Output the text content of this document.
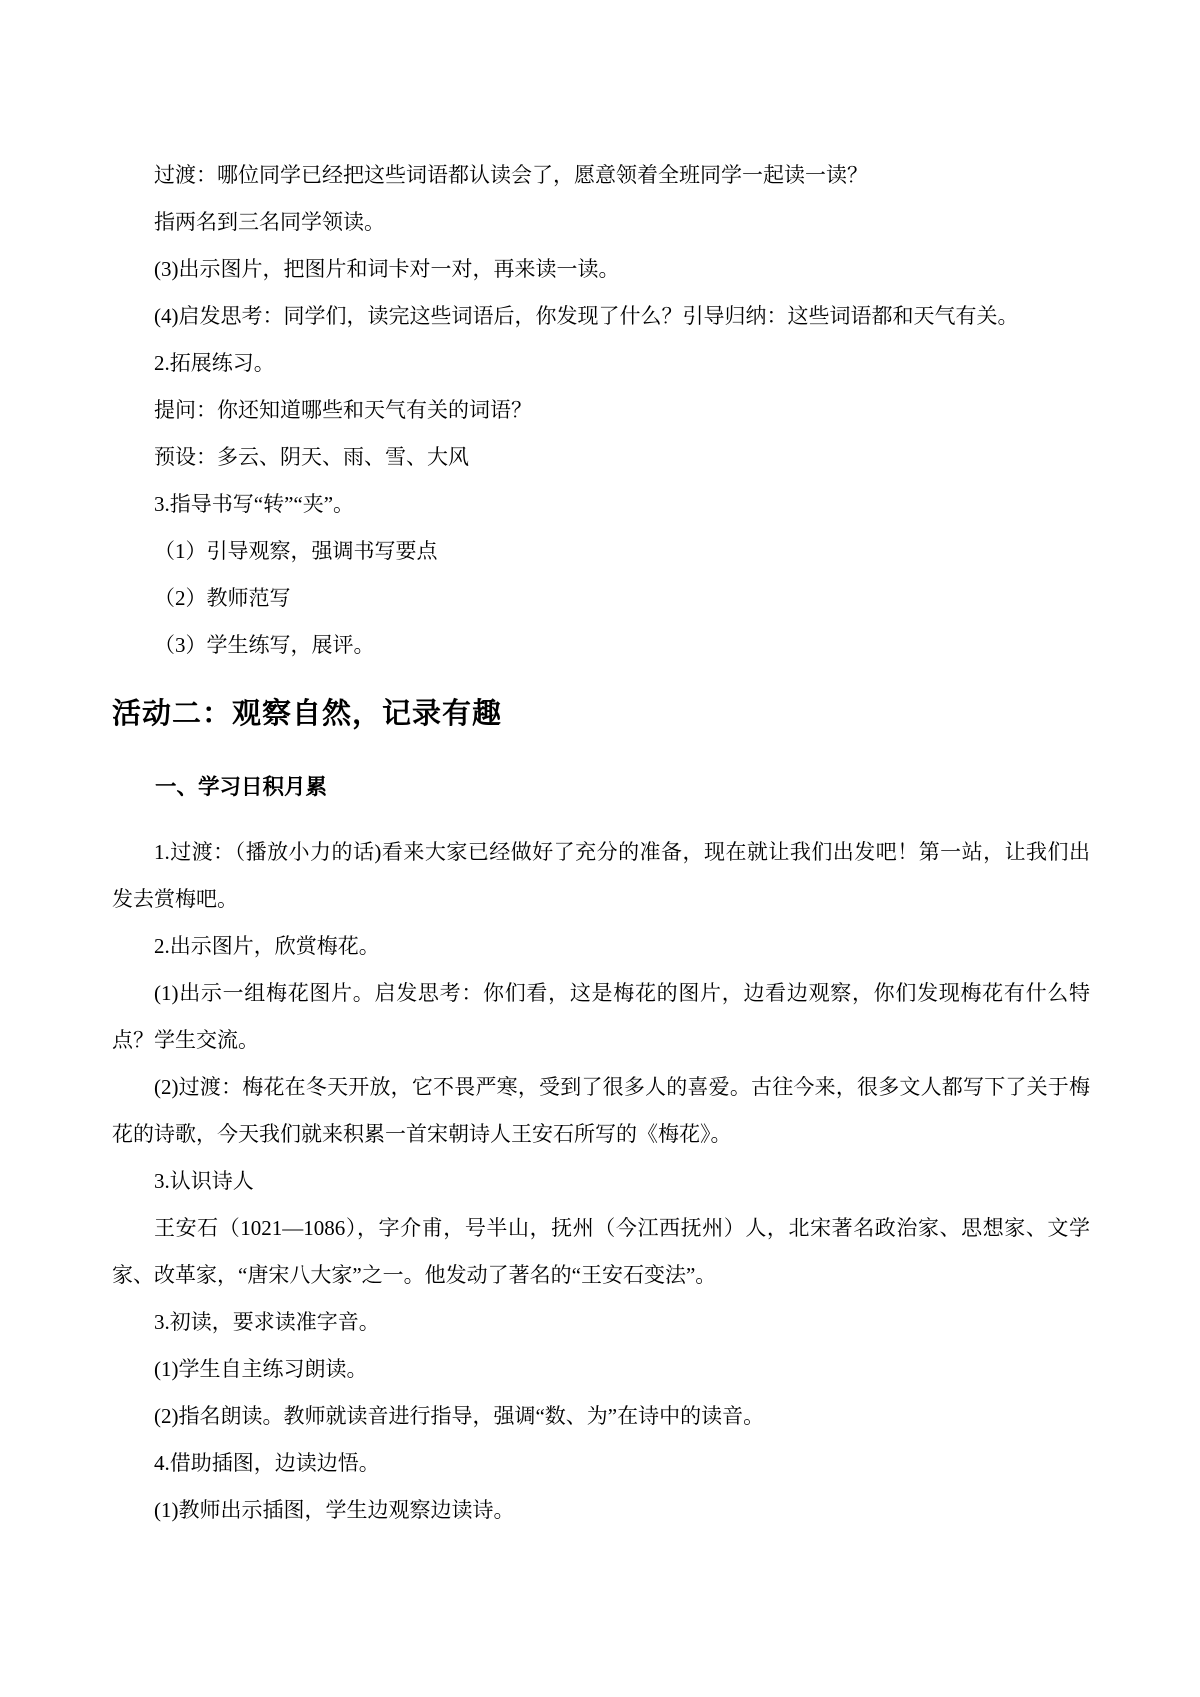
过渡：哪位同学已经把这些词语都认读会了，愿意领着全班同学一起读一读？

指两名到三名同学领读。

(3)出示图片，把图片和词卡对一对，再来读一读。

(4)启发思考：同学们，读完这些词语后，你发现了什么？引导归纳：这些词语都和天气有关。

2.拓展练习。

提问：你还知道哪些和天气有关的词语？

预设：多云、阴天、雨、雪、大风

3.指导书写“转”“夹”。

（1）引导观察，强调书写要点

（2）教师范写

（3）学生练写，展评。

活动二：观察自然，记录有趣
一、学习日积月累

1.过渡：（播放小力的话)看来大家已经做好了充分的准备，现在就让我们出发吧！第一站，让我们出发去赏梅吧。

2.出示图片，欣赏梅花。

(1)出示一组梅花图片。启发思考：你们看，这是梅花的图片，边看边观察，你们发现梅花有什么特点？学生交流。

(2)过渡：梅花在冬天开放，它不畏严寒，受到了很多人的喜爱。古往今来，很多文人都写下了关于梅花的诗歌，今天我们就来积累一首宋朝诗人王安石所写的《梅花》。

3.认识诗人

王安石（1021—1086），字介甫，号半山，抚州（今江西抚州）人，北宋著名政治家、思想家、文学家、改革家，“唐宋八大家”之一。他发动了著名的“王安石变法”。

3.初读，要求读准字音。

(1)学生自主练习朗读。

(2)指名朗读。教师就读音进行指导，强调“数、为”在诗中的读音。

4.借助插图，边读边悟。

(1)教师出示插图，学生边观察边读诗。
